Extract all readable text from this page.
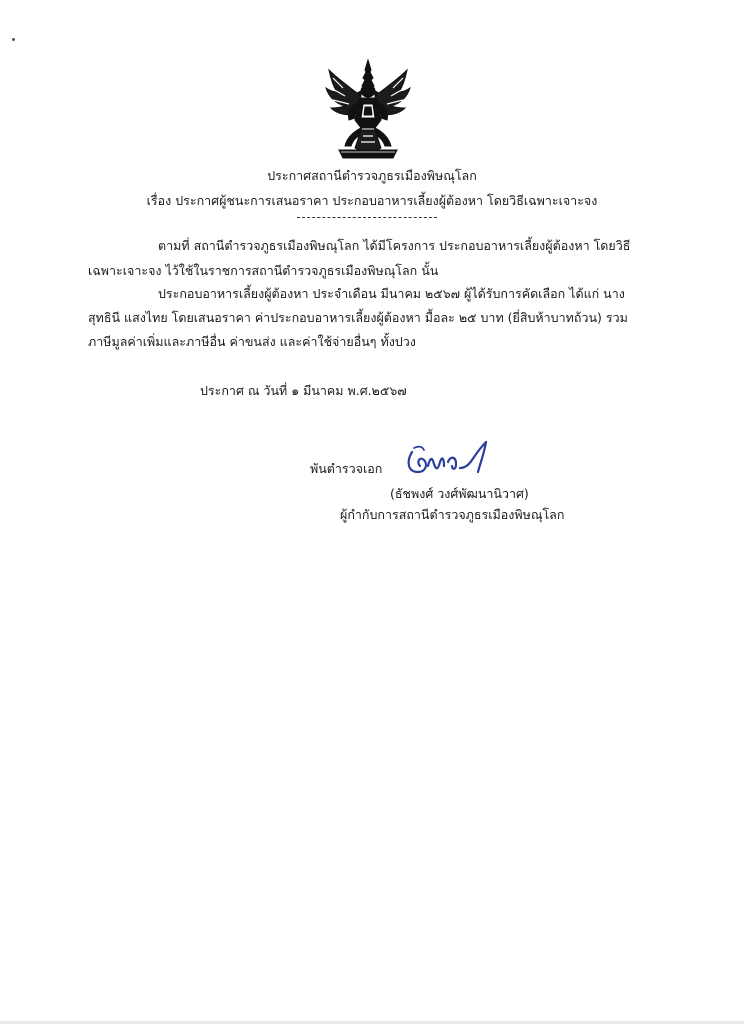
ประกาศสถานีตำรวจภูธรเมืองพิษณุโลก
เรื่อง ประกาศผู้ชนะการเสนอราคา ประกอบอาหารเลี้ยงผู้ต้องหา โดยวิธีเฉพาะเจาะจง
ตามที่ สถานีตำรวจภูธรเมืองพิษณุโลก ได้มีโครงการ ประกอบอาหารเลี้ยงผู้ต้องหา โดยวิธี
เฉพาะเจาะจง ไว้ใช้ในราชการสถานีตำรวจภูธรเมืองพิษณุโลก นั้น
ประกอบอาหารเลี้ยงผู้ต้องหา ประจำเดือน มีนาคม ๒๕๖๗ ผู้ได้รับการคัดเลือก ได้แก่ นาง
สุทธินี แสงไทย โดยเสนอราคา ค่าประกอบอาหารเลี้ยงผู้ต้องหา มื้อละ ๒๕ บาท (ยี่สิบห้าบาทถ้วน) รวม
ภาษีมูลค่าเพิ่มและภาษีอื่น ค่าขนส่ง และค่าใช้จ่ายอื่นๆ ทั้งปวง
ประกาศ ณ วันที่ ๑ มีนาคม พ.ศ.๒๕๖๗
พันตำรวจเอก
(ธัชพงศ์ วงศ์พัฒนานิวาศ)
ผู้กำกับการสถานีตำรวจภูธรเมืองพิษณุโลก
